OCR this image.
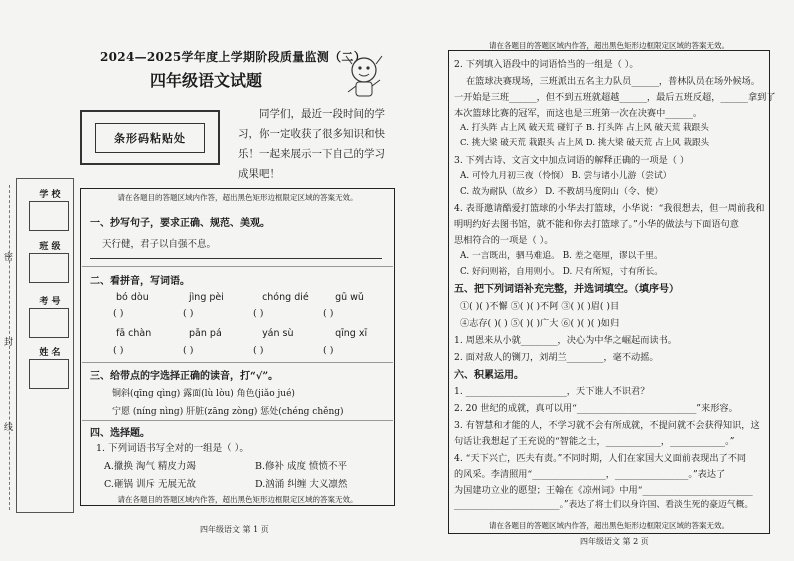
2024—2025学年度上学期阶段质量监测（二）
四年级语文试题
条形码粘贴处
同学们，最近一段时间的学习，你一定收获了很多知识和快乐！一起来展示一下自己的学习成果吧！
密
封
线
学 校
班 级
考 号
姓 名
请在各题目的答题区域内作答，超出黑色矩形边框限定区域的答案无效。
一、抄写句子，要求正确、规范、美观。
天行健，君子以自强不息。
二、看拼音，写词语。
bó dòu	jìng pèi	chóng dié	gū wǔ
( )	( )	( )	( )
fā chàn	pān pá	yán sù	qīng xī
( )	( )	( )	( )
三、给带点的字选择正确的读音，打“√”。
铜斜(qīng qìng) 露面(lù lòu) 角色(jiǎo jué)
宁愿 (níng nìng) 肝脏(zāng zòng) 惩处(chéng chěng)
四、选择题。
1. 下列词语书写全对的一组是（ ）。
A.擸换 淘气 精皮力竭	B.修补 成度 愤愤不平
C.砸锅 训斥 无展无故	D.汹涌 纠缠 大义凛然
请在各题目的答题区域内作答，超出黑色矩形边框限定区域的答案无效。
四年级语文 第 1 页
请在各题目的答题区域内作答，超出黑色矩形边框限定区域的答案无效。
2. 下列填入语段中的词语恰当的一组是（ ）。
在篮球决赛现场，三班派出五名主力队员______，普林队员在场外候场。
一开始是三班______，但不到五班就超越______，最后五班反超，______拿到了
本次篮球比赛的冠军，而这也是三班第一次在决赛中______。
A. 打头阵 占上风 破天荒 碰钉子 B. 打头阵 占上风 破天荒 栽跟头
C. 挑大梁 破天荒 栽跟头 占上风 D. 挑大梁 破天荒 占上风 栽跟头
3. 下列古诗、文言文中加点词语的解释正确的一项是（ ）
A. 可怜九月初三夜（怜悯） B. 尝与诸小儿游（尝试）
C. 故为耐队（故乡） D. 不教胡马度阴山（令、使）
4. 表哥邀请酷爱打篮球的小华去打篮球，小华说：“我很想去，但一周前我和
明明约好去图书馆，就不能和你去打篮球了。”小华的做法与下面语句意
思相符合的一项是（ ）。
A. 一言既出，驷马难追。 B. 差之毫厘，谬以千里。
C. 好问则裕，自用则小。 D. 尺有所短，寸有所长。
五、把下列词语补充完整，并选词填空。（填序号）
①( )( )不懈 ⑤( )( )不阿 ③( )( )眉( )目
④志存( )( ) ⑤( )( )广大 ⑥( )( )( )如归
1. 周恩来从小就________，决心为中华之崛起而读书。
2. 面对敌人的铡刀，刘胡兰________，毫不动摇。
六、积累运用。
1. ______________________，天下谁人不识君？
2. 20 世纪的成就，真可以用“__________________________”来形容。
3. 有智慧和才能的人，不学习就不会有所成就，不提问就不会获得知识，这
句话让我想起了王充说的“智能之士，____________，____________。”
4. “天下兴亡，匹夫有责。”不同时期，人们在家国大义面前表现出了不同
的风采。李清照用“________________，________________。”表达了
为国建功立业的愿望；王翰在《凉州词》中用“________________________
________________________。”表达了将士们以身许国、看淡生死的豪迈气概。
请在各题目的答题区域内作答，超出黑色矩形边框限定区域的答案无效。
四年级语文 第 2 页
